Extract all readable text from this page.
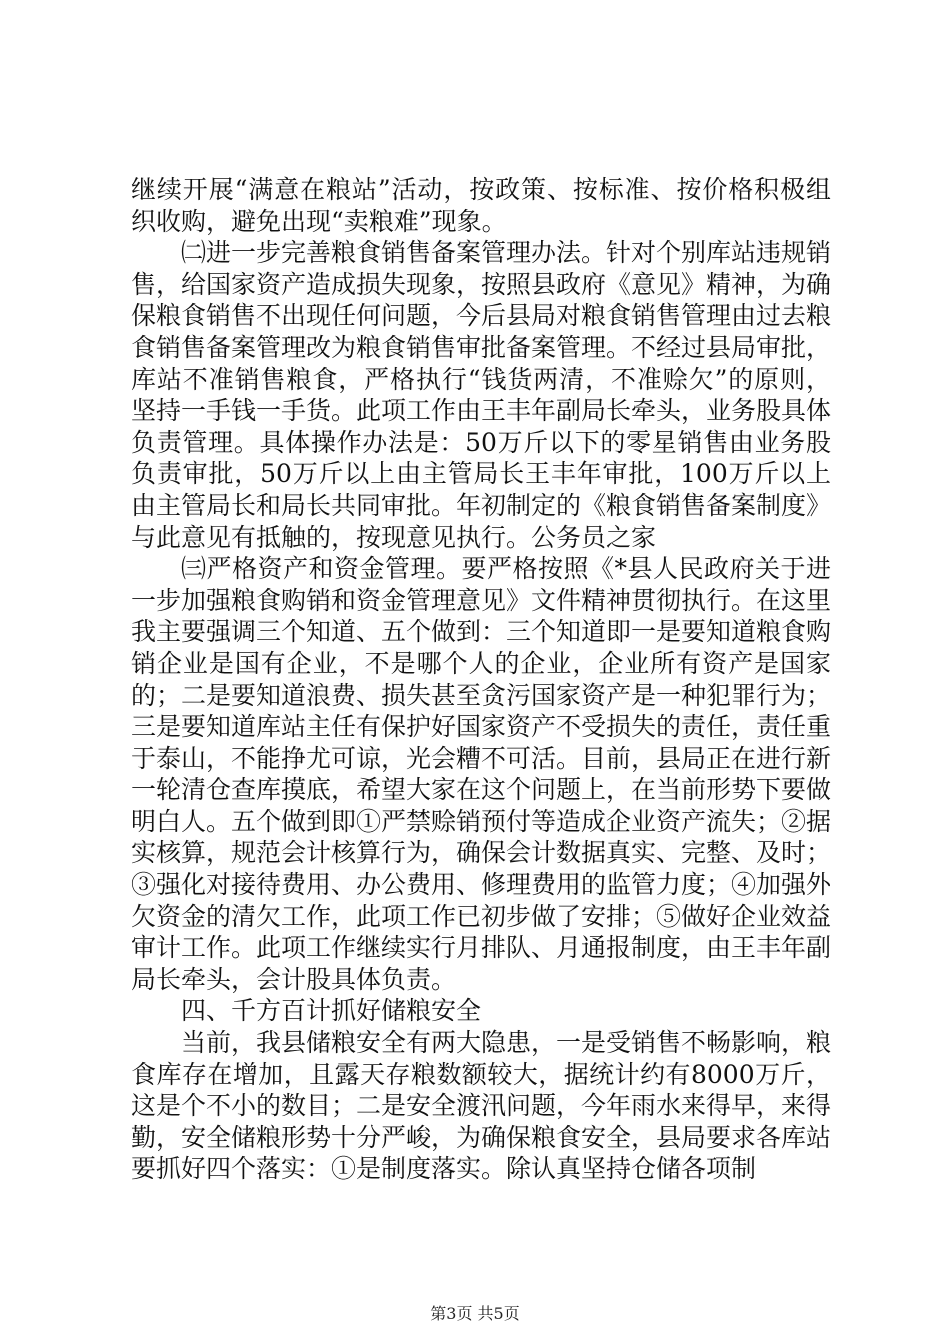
继续开展“满意在粮站”活动，按政策、按标准、按价格积极组织收购，避免出现“卖粮难”现象。

㈡进一步完善粮食销售备案管理办法。针对个别库站违规销售，给国家资产造成损失现象，按照县政府《意见》精神，为确保粮食销售不出现任何问题，今后县局对粮食销售管理由过去粮食销售备案管理改为粮食销售审批备案管理。不经过县局审批，库站不准销售粮食，严格执行“钱货两清，不准赊欠”的原则，坚持一手钱一手货。此项工作由王丰年副局长牵头，业务股具体负责管理。具体操作办法是：50万斤以下的零星销售由业务股负责审批，50万斤以上由主管局长王丰年审批，100万斤以上由主管局长和局长共同审批。年初制定的《粮食销售备案制度》与此意见有抵触的，按现意见执行。公务员之家

㈢严格资产和资金管理。要严格按照《*县人民政府关于进一步加强粮食购销和资金管理意见》文件精神贯彻执行。在这里我主要强调三个知道、五个做到：三个知道即一是要知道粮食购销企业是国有企业，不是哪个人的企业，企业所有资产是国家的；二是要知道浪费、损失甚至贪污国家资产是一种犯罪行为；三是要知道库站主任有保护好国家资产不受损失的责任，责任重于泰山，不能挣尤可谅，光会糟不可活。目前，县局正在进行新一轮清仓查库摸底，希望大家在这个问题上，在当前形势下要做明白人。五个做到即①严禁赊销预付等造成企业资产流失；②据实核算，规范会计核算行为，确保会计数据真实、完整、及时；③强化对接待费用、办公费用、修理费用的监管力度；④加强外欠资金的清欠工作，此项工作已初步做了安排；⑤做好企业效益审计工作。此项工作继续实行月排队、月通报制度，由王丰年副局长牵头，会计股具体负责。

四、千方百计抓好储粮安全

当前，我县储粮安全有两大隐患，一是受销售不畅影响，粮食库存在增加，且露天存粮数额较大，据统计约有8000万斤，这是个不小的数目；二是安全渡汛问题，今年雨水来得早，来得勤，安全储粮形势十分严峻，为确保粮食安全，县局要求各库站要抓好四个落实：①是制度落实。除认真坚持仓储各项制

第3页 共5页
